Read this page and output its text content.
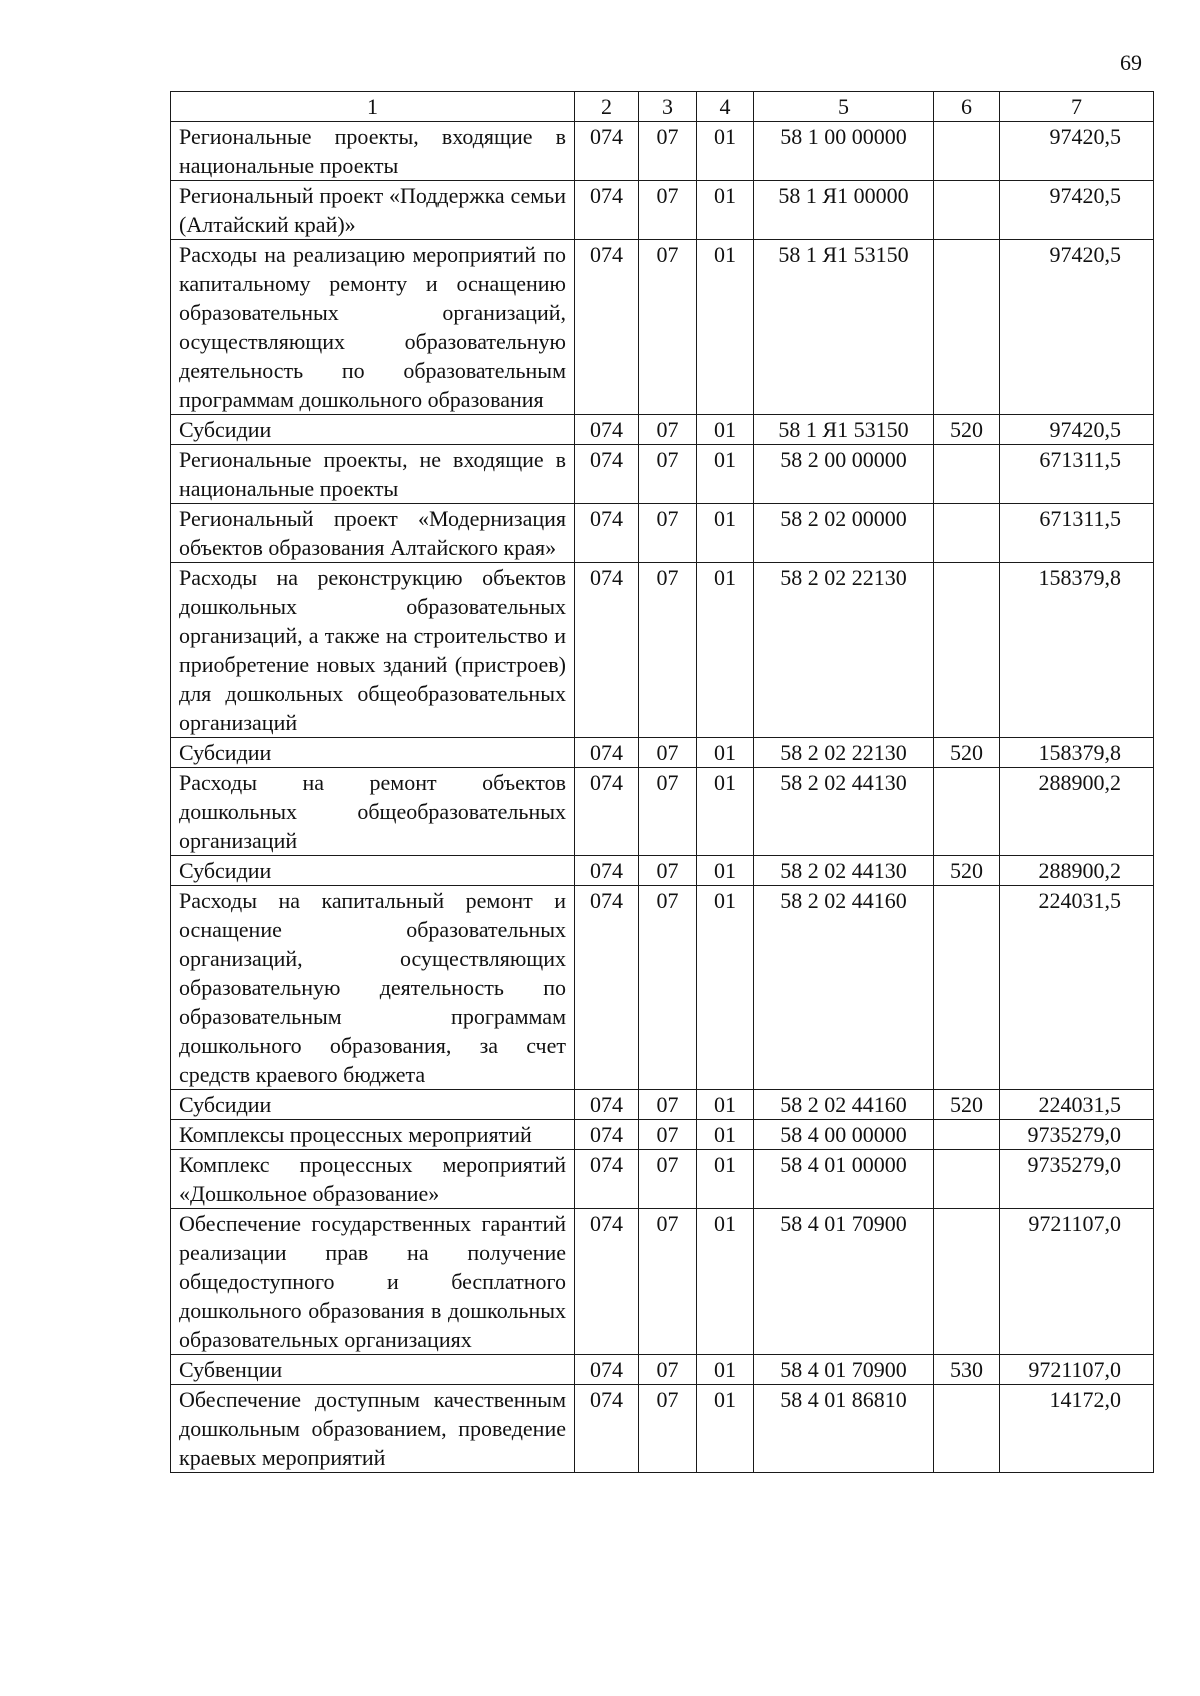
69
1	2	3	4	5	6	7
Региональные проекты, входящие в национальные проекты	074	07	01	58 1 00 00000		97420,5
Региональный проект «Поддержка семьи (Алтайский край)»	074	07	01	58 1 Я1 00000		97420,5
Расходы на реализацию мероприятий по капитальному ремонту и оснащению образовательных организаций, осуществляющих образовательную деятельность по образовательным программам дошкольного образования	074	07	01	58 1 Я1 53150		97420,5
Субсидии	074	07	01	58 1 Я1 53150	520	97420,5
Региональные проекты, не входящие в национальные проекты	074	07	01	58 2 00 00000		671311,5
Региональный проект «Модернизация объектов образования Алтайского края»	074	07	01	58 2 02 00000		671311,5
Расходы на реконструкцию объектов дошкольных образовательных организаций, а также на строительство и приобретение новых зданий (пристроев) для дошкольных общеобразовательных организаций	074	07	01	58 2 02 22130		158379,8
Субсидии	074	07	01	58 2 02 22130	520	158379,8
Расходы на ремонт объектов дошкольных общеобразовательных организаций	074	07	01	58 2 02 44130		288900,2
Субсидии	074	07	01	58 2 02 44130	520	288900,2
Расходы на капитальный ремонт и оснащение образовательных организаций, осуществляющих образовательную деятельность по образовательным программам дошкольного образования, за счет средств краевого бюджета	074	07	01	58 2 02 44160		224031,5
Субсидии	074	07	01	58 2 02 44160	520	224031,5
Комплексы процессных мероприятий	074	07	01	58 4 00 00000		9735279,0
Комплекс процессных мероприятий «Дошкольное образование»	074	07	01	58 4 01 00000		9735279,0
Обеспечение государственных гарантий реализации прав на получение общедоступного и бесплатного дошкольного образования в дошкольных образовательных организациях	074	07	01	58 4 01 70900		9721107,0
Субвенции	074	07	01	58 4 01 70900	530	9721107,0
Обеспечение доступным качественным дошкольным образованием, проведение краевых мероприятий	074	07	01	58 4 01 86810		14172,0
